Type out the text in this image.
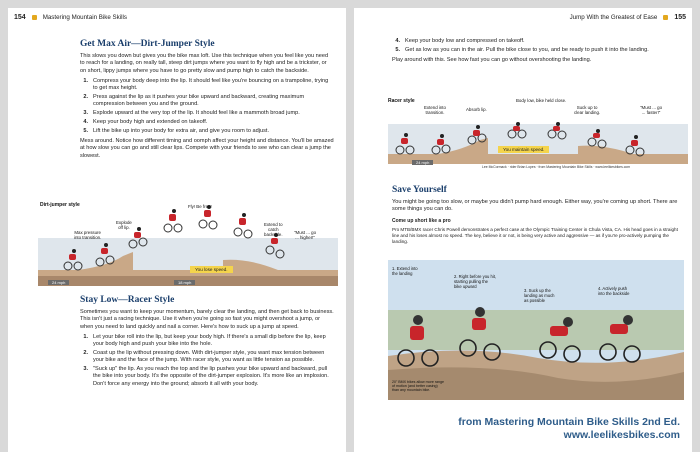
154	Mastering Mountain Bike Skills
Get Max Air—Dirt-Jumper Style

This slows you down but gives you the bike max loft. Use this technique when you feel like you need to reach for a landing, on really tall, steep dirt jumps where you want to fly high and be a trickster, or on short, lippy jumps where you have to go pretty slow and pump high to catch the backside.

1. Compress your body deep into the lip. It should feel like you're bouncing on a trampoline, trying to get max height.
2. Press against the lip as it pushes your bike upward and backward, creating maximum compression between you and the ground.
3. Explode upward at the very top of the lip. It should feel like a mammoth broad jump.
4. Keep your body high and extended on takeoff.
5. Lift the bike up into your body for extra air, and give you room to adjust.

Mess around. Notice how different timing and oomph affect your height and distance. You'll be amazed at how slow you can go and still clear lips. Compete with your friends to see who can clear a jump the slowest.

Dirt-jumper style
Max pressure
into transition.
Explode
off lip.
Fly! Be free!
Extend to
catch
backside.	"Must ... go
... higher!"
You lose speed.
24 mph	18 mph
Stay Low—Racer Style

Sometimes you want to keep your momentum, barely clear the landing, and then get back to business. This isn't just a racing technique. Use it when you're going so fast you might overshoot a jump, or when you need to land quickly and nail a corner. Here's how to suck up a jump at speed.

1. Let your bike roll into the lip, but keep your body high. If there's a small dip before the lip, keep your body high and push your bike into the hole.
2. Coast up the lip without pressing down. With dirt-jumper style, you want max tension between your bike and the face of the jump. With racer style, you want as little tension as possible.
3. "Suck up" the lip. As you reach the top and the lip pushes your bike upward and backward, pull the bike into your body. It's the opposite of the dirt-jumper explosion. It's more like an implosion. Don't force any energy into the ground; absorb it all with your body.
Jump With the Greatest of Ease 155
4. Keep your body low and compressed on takeoff.
5. Get as low as you can in the air. Pull the bike close to you, and be ready to push it into the landing.

Play around with this. See how fast you can go without overshooting the landing.

Racer style
Extend into
transition.
Absorb lip.
Body low, bike held close.
Suck up to
clear landing.
"Must ... go
... faster!"
You maintain speed.
24 mph
Lee McCormack · rider Brian Lopes · from Mastering Mountain Bike Skills · www.leelikesbikes.com
Save Yourself

You might be going too slow, or maybe you didn't pump hard enough. Either way, you're coming up short. There are some things you can do.

Come up short like a pro

Pro MTB/BMX racer Chris Powell demonstrates a perfect case at the Olympic Training Center in Chula Vista, CA. His head goes in a straight line and his loses almost no speed. The key, believe it or not, is being very active and aggressive — as if you're pro-actively pumping the landing.

1. Extend into
the landing
2. Right before you hit,
starting pulling the
bike upward
3. Suck up the
landing as much
as possible
4. Actively push
into the backside
20" BMX bikes allow more range
of motion (and better casing)
than any mountain bike.
from Mastering Mountain Bike Skills 2nd Ed.
www.leelikesbikes.com
